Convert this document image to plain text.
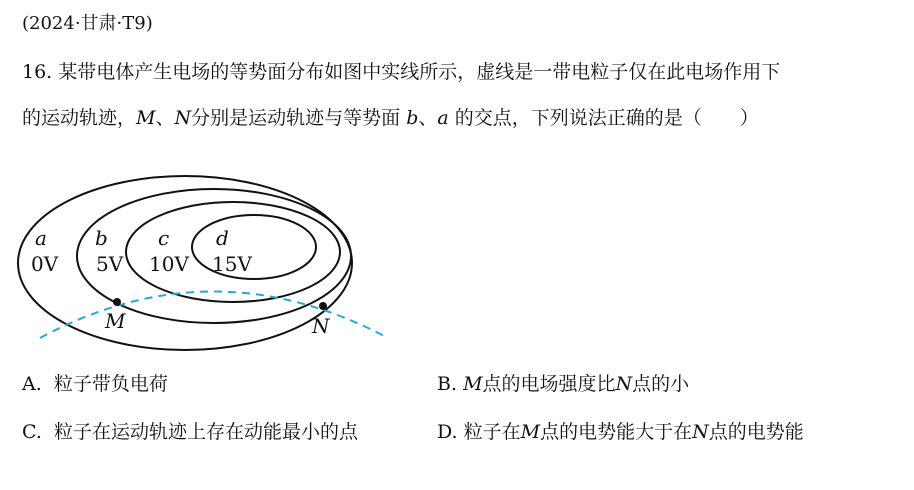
(2024·甘肃·T9)
16. 某带电体产生电场的等势面分布如图中实线所示，虚线是一带电粒子仅在此电场作用下
的运动轨迹，M、N分别是运动轨迹与等势面 b、a 的交点，下列说法正确的是（　　）
a
0V
b
5V
c
10V
d
15V
M	N
A. 粒子带负电荷	B. M点的电场强度比N点的小
C. 粒子在运动轨迹上存在动能最小的点	D. 粒子在M点的电势能大于在N点的电势能
